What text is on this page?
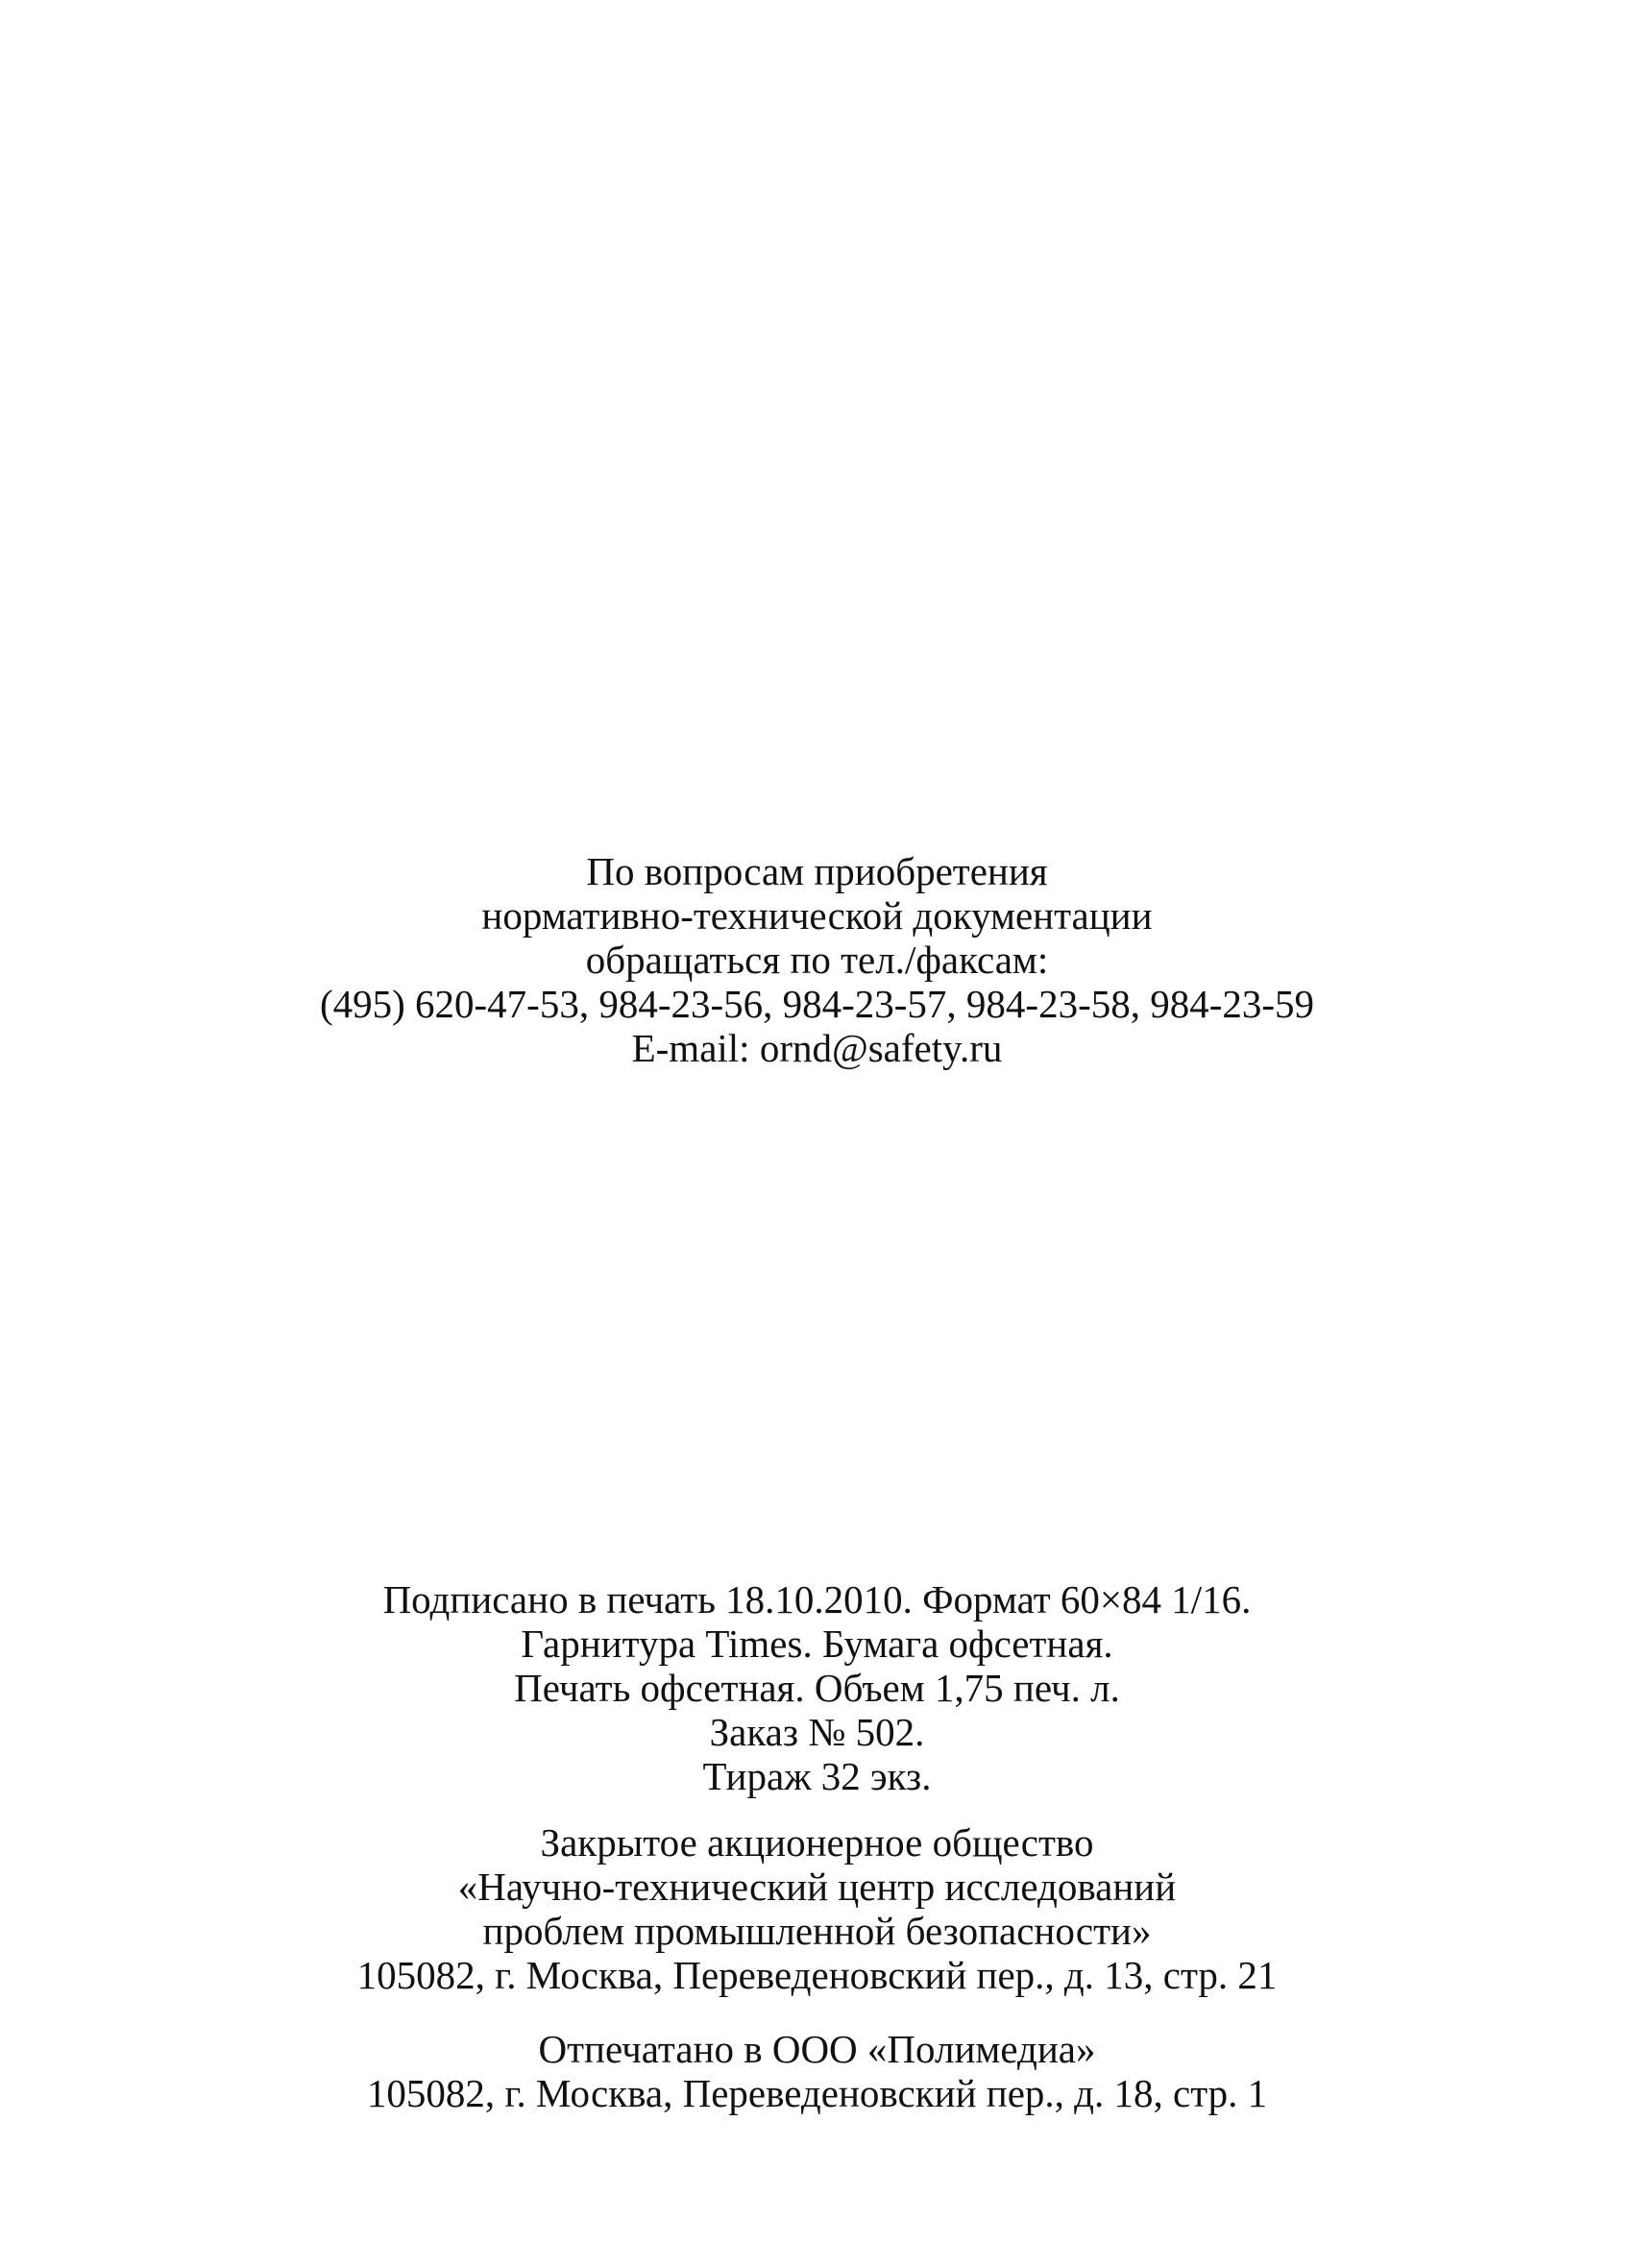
По вопросам приобретения
нормативно-технической документации
обращаться по тел./факсам:
(495) 620-47-53, 984-23-56, 984-23-57, 984-23-58, 984-23-59
E-mail: ornd@safety.ru
Подписано в печать 18.10.2010. Формат 60×84 1/16.
Гарнитура Times. Бумага офсетная.
Печать офсетная. Объем 1,75 печ. л.
Заказ № 502.
Тираж 32 экз.
Закрытое акционерное общество
«Научно-технический центр исследований
проблем промышленной безопасности»
105082, г. Москва, Переведеновский пер., д. 13, стр. 21
Отпечатано в ООО «Полимедиа»
105082, г. Москва, Переведеновский пер., д. 18, стр. 1
